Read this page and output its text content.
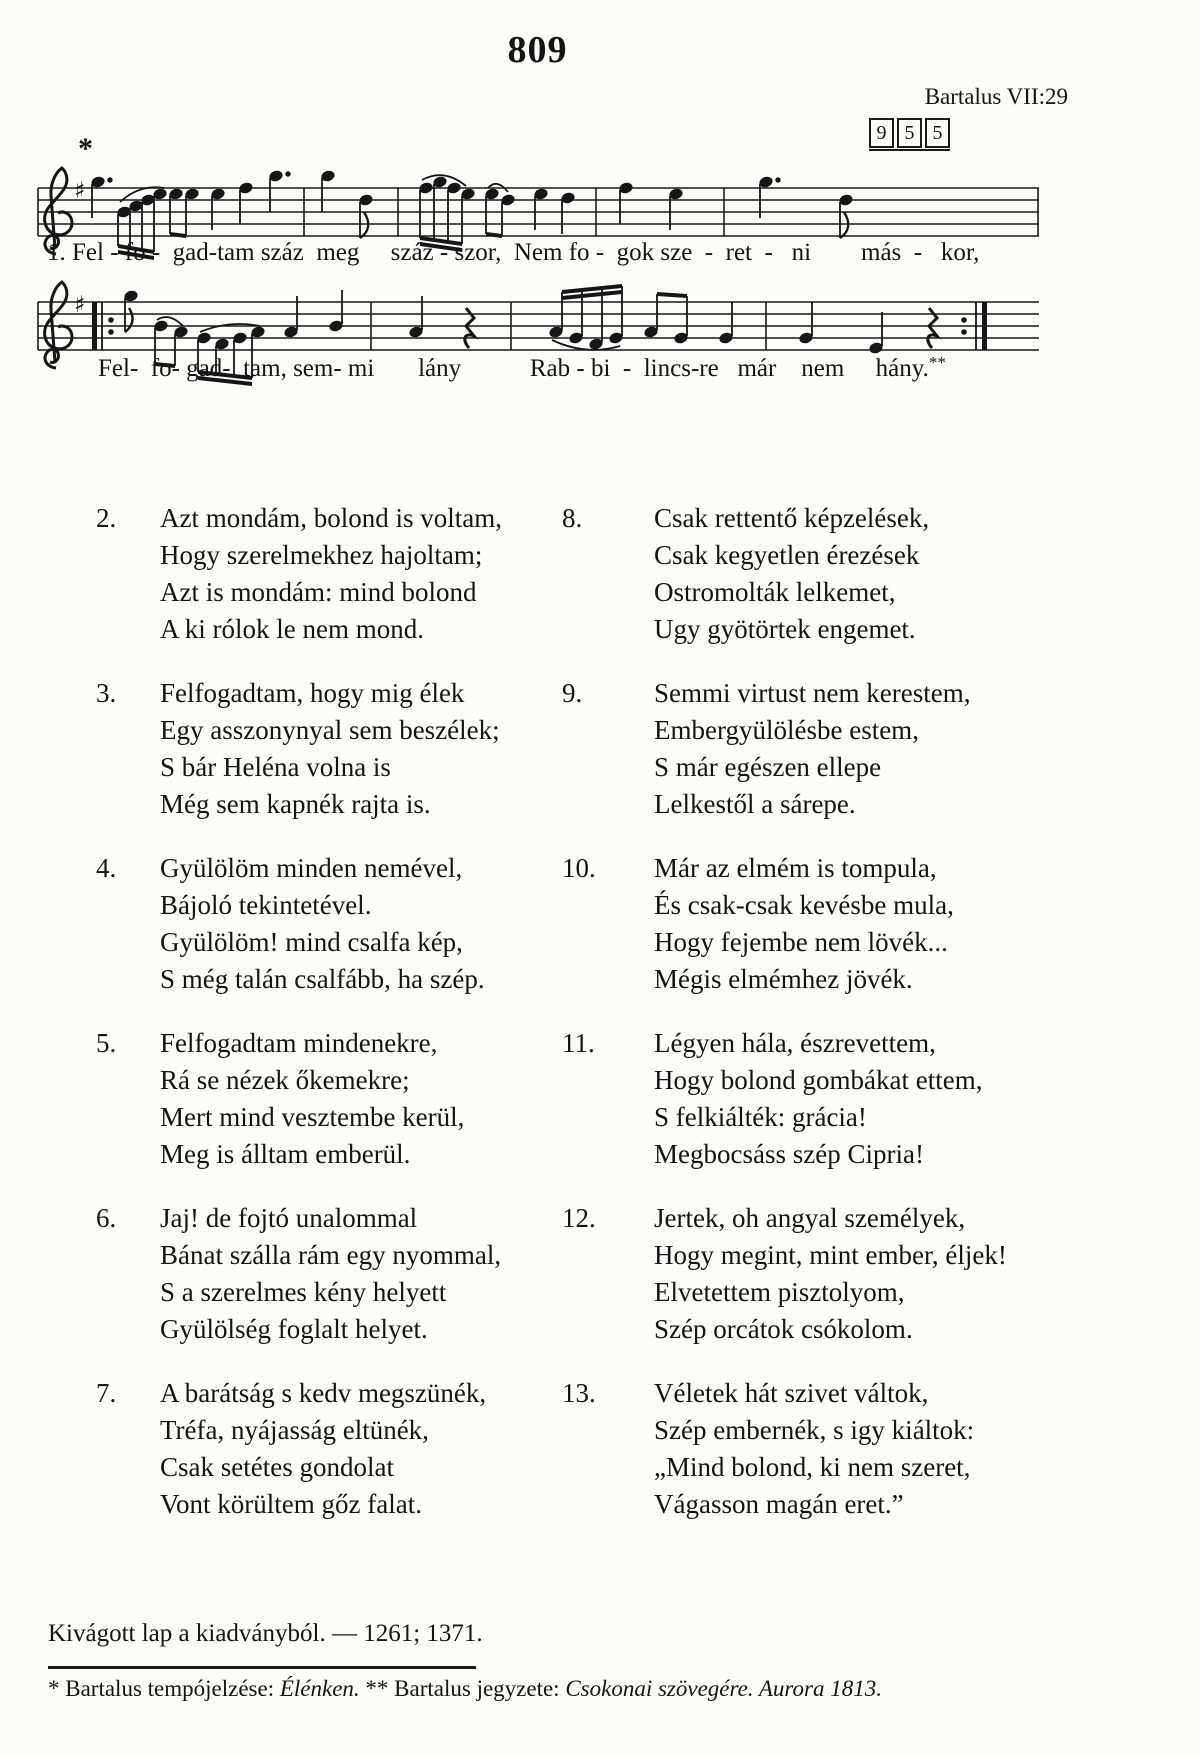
809
Bartalus VII:29
9 5 5
*
♯
1. Fel - fo -  gad-tam száz  meg     száz - szor,  Nem fo -  gok sze  -  ret  -   ni        más  -   kor,
♯
Fel-  fo- gad-  tam, sem- mi       lány           Rab - bi  -  lincs-re   már    nem     hány.**
2.	Azt mondám, bolond is voltam,
Hogy szerelmekhez hajoltam;
Azt is mondám: mind bolond
A ki rólok le nem mond.
3.	Felfogadtam, hogy mig élek
Egy asszonynyal sem beszélek;
S bár Heléna volna is
Még sem kapnék rajta is.
4.	Gyülölöm minden nemével,
Bájoló tekintetével.
Gyülölöm! mind csalfa kép,
S még talán csalfább, ha szép.
5.	Felfogadtam mindenekre,
Rá se nézek őkemekre;
Mert mind vesztembe kerül,
Meg is álltam emberül.
6.	Jaj! de fojtó unalommal
Bánat szálla rám egy nyommal,
S a szerelmes kény helyett
Gyülölség foglalt helyet.
7.	A barátság s kedv megszünék,
Tréfa, nyájasság eltünék,
Csak setétes gondolat
Vont körültem gőz falat.
8.	Csak rettentő képzelések,
Csak kegyetlen érezések
Ostromolták lelkemet,
Ugy gyötörtek engemet.
9.	Semmi virtust nem kerestem,
Embergyülölésbe estem,
S már egészen ellepe
Lelkestől a sárepe.
10.	Már az elmém is tompula,
És csak-csak kevésbe mula,
Hogy fejembe nem lövék...
Mégis elmémhez jövék.
11.	Légyen hála, észrevettem,
Hogy bolond gombákat ettem,
S felkiálték: grácia!
Megbocsáss szép Cipria!
12.	Jertek, oh angyal személyek,
Hogy megint, mint ember, éljek!
Elvetettem pisztolyom,
Szép orcátok csókolom.
13.	Véletek hát szivet váltok,
Szép embernék, s igy kiáltok:
„Mind bolond, ki nem szeret,
Vágasson magán eret.”
Kivágott lap a kiadványból. — 1261; 1371.
* Bartalus tempójelzése: Élénken. ** Bartalus jegyzete: Csokonai szövegére. Aurora 1813.
